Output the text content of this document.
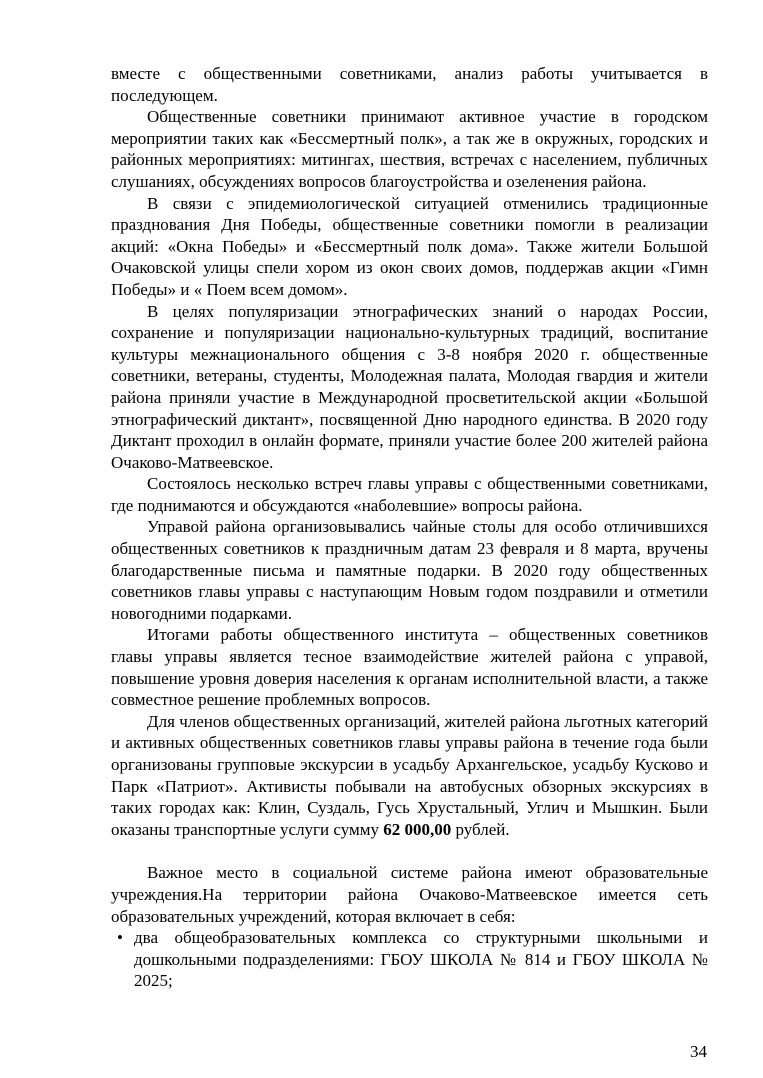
вместе с общественными советниками, анализ работы учитывается в последующем.

Общественные советники принимают активное участие в городском мероприятии таких как «Бессмертный полк», а так же в окружных, городских и районных мероприятиях: митингах, шествия, встречах с населением, публичных слушаниях, обсуждениях вопросов благоустройства и озеленения района.

В связи с эпидемиологической ситуацией отменились традиционные празднования Дня Победы, общественные советники помогли в реализации акций: «Окна Победы» и «Бессмертный полк дома». Также жители Большой Очаковской улицы спели хором из окон своих домов, поддержав акции «Гимн Победы» и « Поем всем домом».

В целях популяризации этнографических знаний о народах России, сохранение и популяризации национально-культурных традиций, воспитание культуры межнационального общения с 3-8 ноября 2020 г. общественные советники, ветераны, студенты, Молодежная палата, Молодая гвардия и жители района приняли участие в Международной просветительской акции «Большой этнографический диктант», посвященной Дню народного единства. В 2020 году Диктант проходил в онлайн формате, приняли участие более 200 жителей района Очаково-Матвеевское.

Состоялось несколько встреч главы управы с общественными советниками, где поднимаются и обсуждаются «наболевшие» вопросы района.

Управой района организовывались чайные столы для особо отличившихся общественных советников к праздничным датам 23 февраля и 8 марта, вручены благодарственные письма и памятные подарки. В 2020 году общественных советников главы управы с наступающим Новым годом поздравили и отметили новогодними подарками.

Итогами работы общественного института – общественных советников главы управы является тесное взаимодействие жителей района с управой, повышение уровня доверия населения к органам исполнительной власти, а также совместное решение проблемных вопросов.

Для членов общественных организаций, жителей района льготных категорий и активных общественных советников главы управы района в течение года были организованы групповые экскурсии в усадьбу Архангельское, усадьбу Кусково и Парк «Патриот». Активисты побывали на автобусных обзорных экскурсиях в таких городах как: Клин, Суздаль, Гусь Хрустальный, Углич и Мышкин. Были оказаны транспортные услуги сумму 62 000,00 рублей.

Важное место в социальной системе района имеют образовательные учреждения.На территории района Очаково-Матвеевское имеется сеть образовательных учреждений, которая включает в себя:

• два общеобразовательных комплекса со структурными школьными и дошкольными подразделениями: ГБОУ ШКОЛА № 814 и ГБОУ ШКОЛА № 2025;
34
